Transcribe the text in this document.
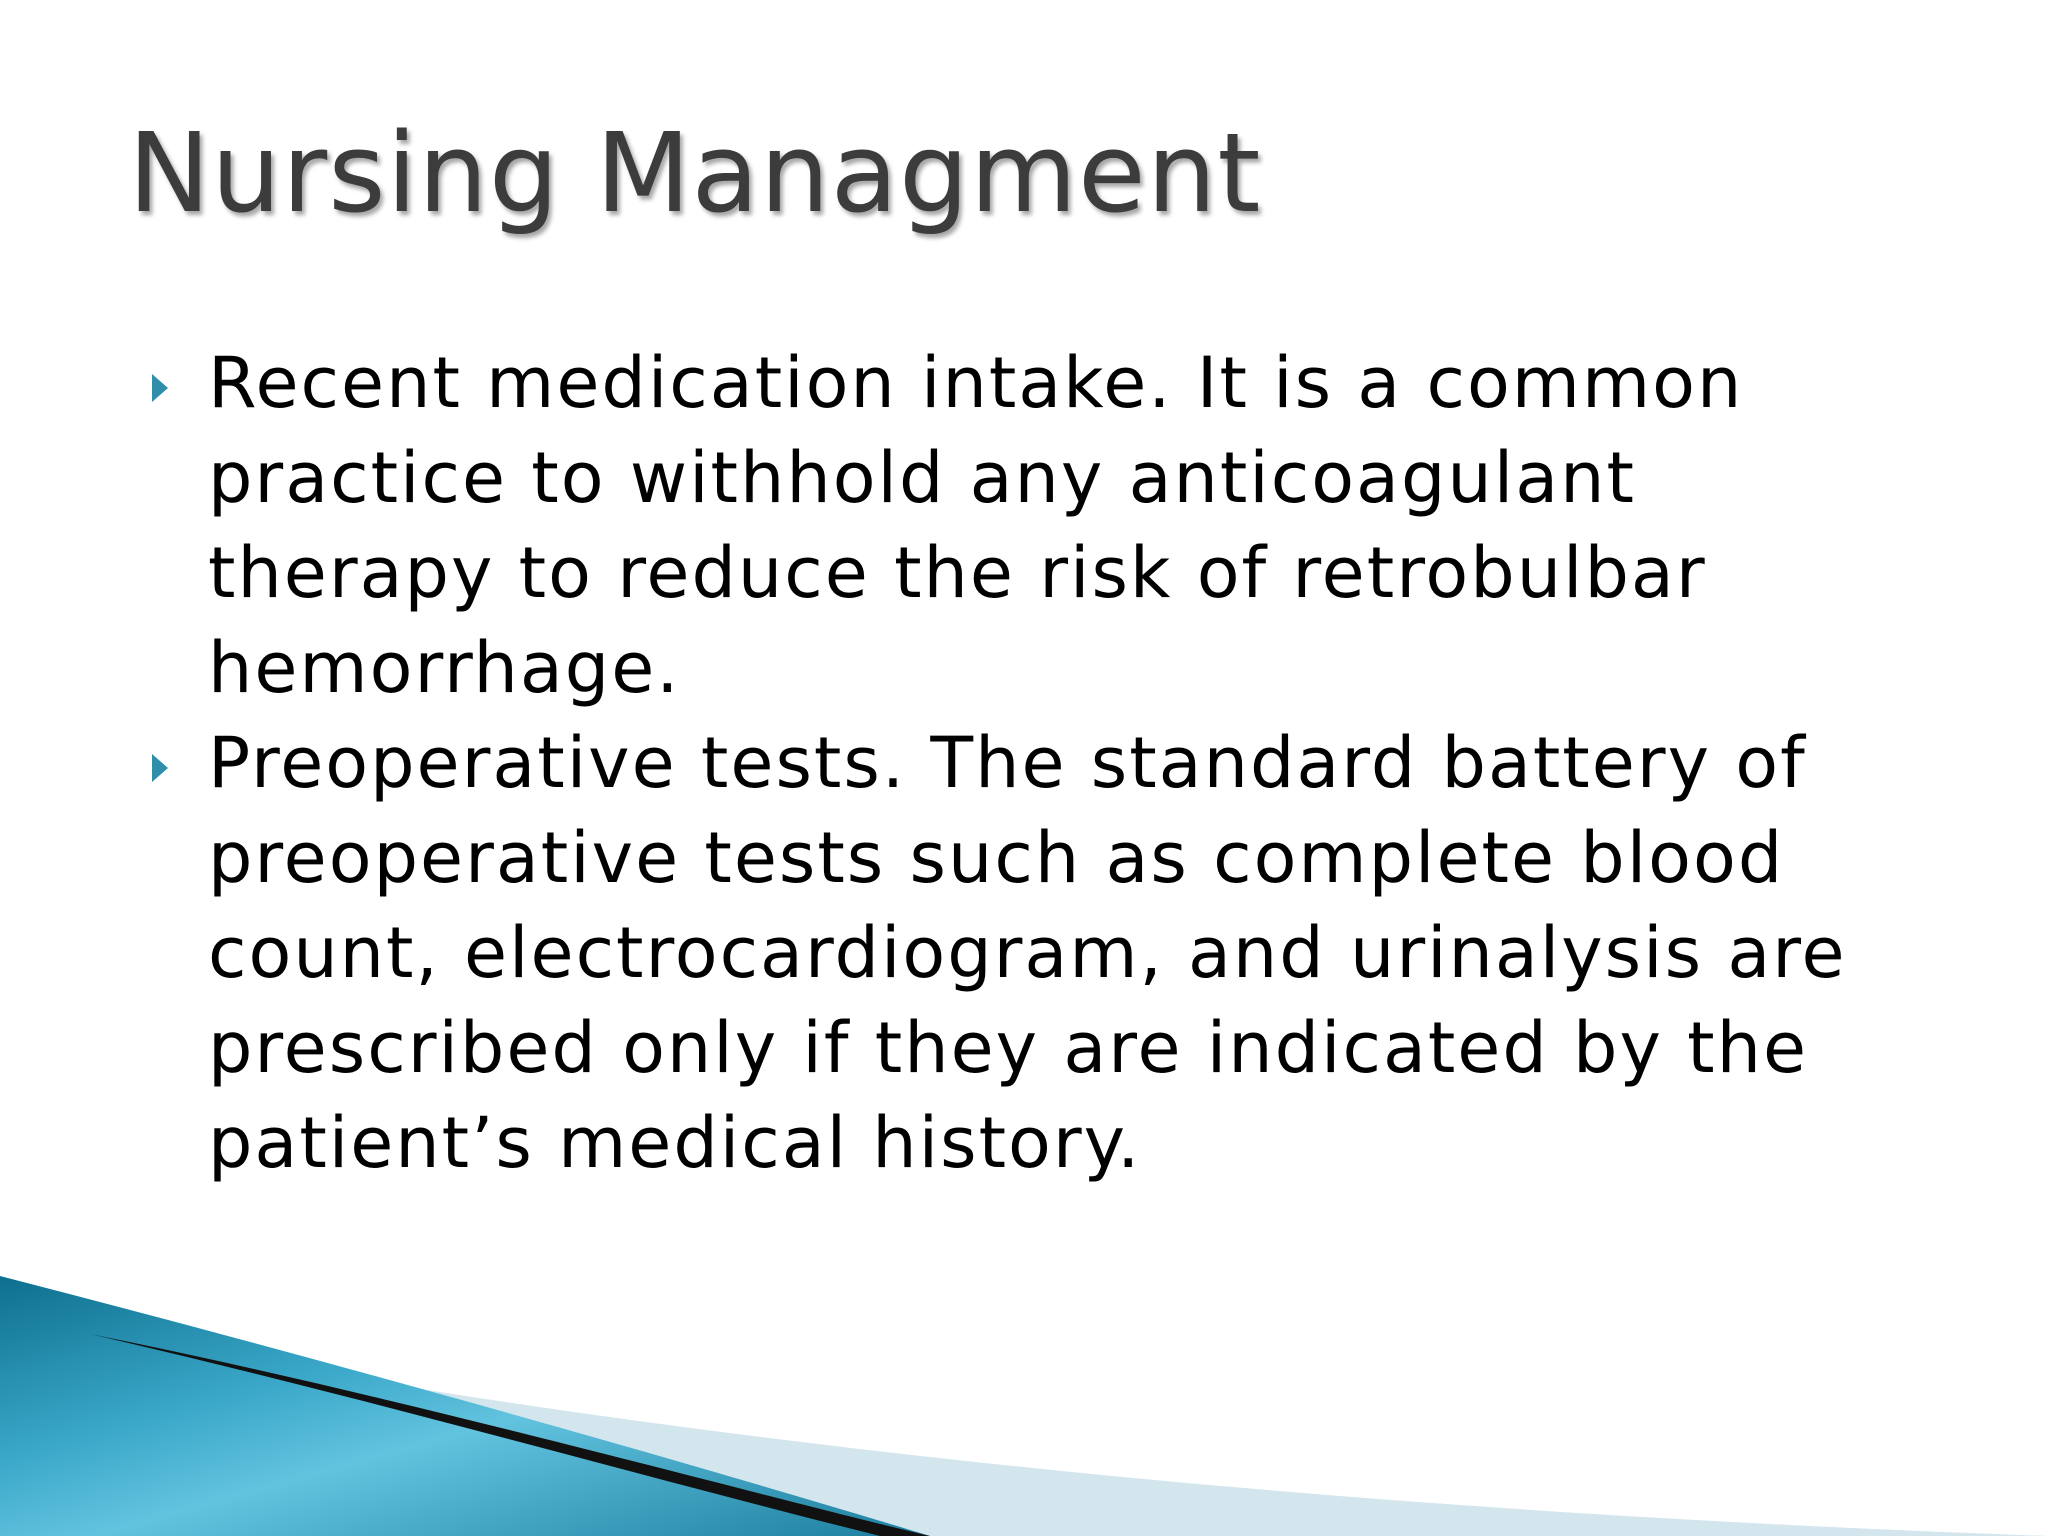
Nursing Managment
Recent medication intake. It is a common practice to withhold any anticoagulant therapy to reduce the risk of retrobulbar hemorrhage.
Preoperative tests. The standard battery of preoperative tests such as complete blood count, electrocardiogram, and urinalysis are prescribed only if they are indicated by the patient’s medical history.
